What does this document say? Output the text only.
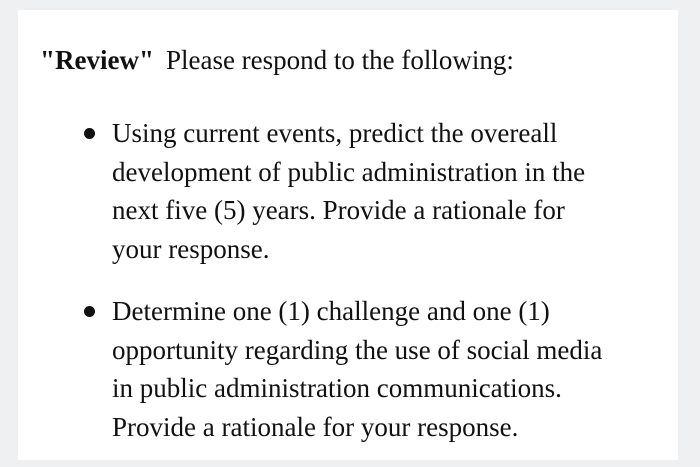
"Review" Please respond to the following:

Using current events, predict the overeall
development of public administration in the
next five (5) years. Provide a rationale for
your response.
Determine one (1) challenge and one (1)
opportunity regarding the use of social media
in public administration communications.
Provide a rationale for your response.
